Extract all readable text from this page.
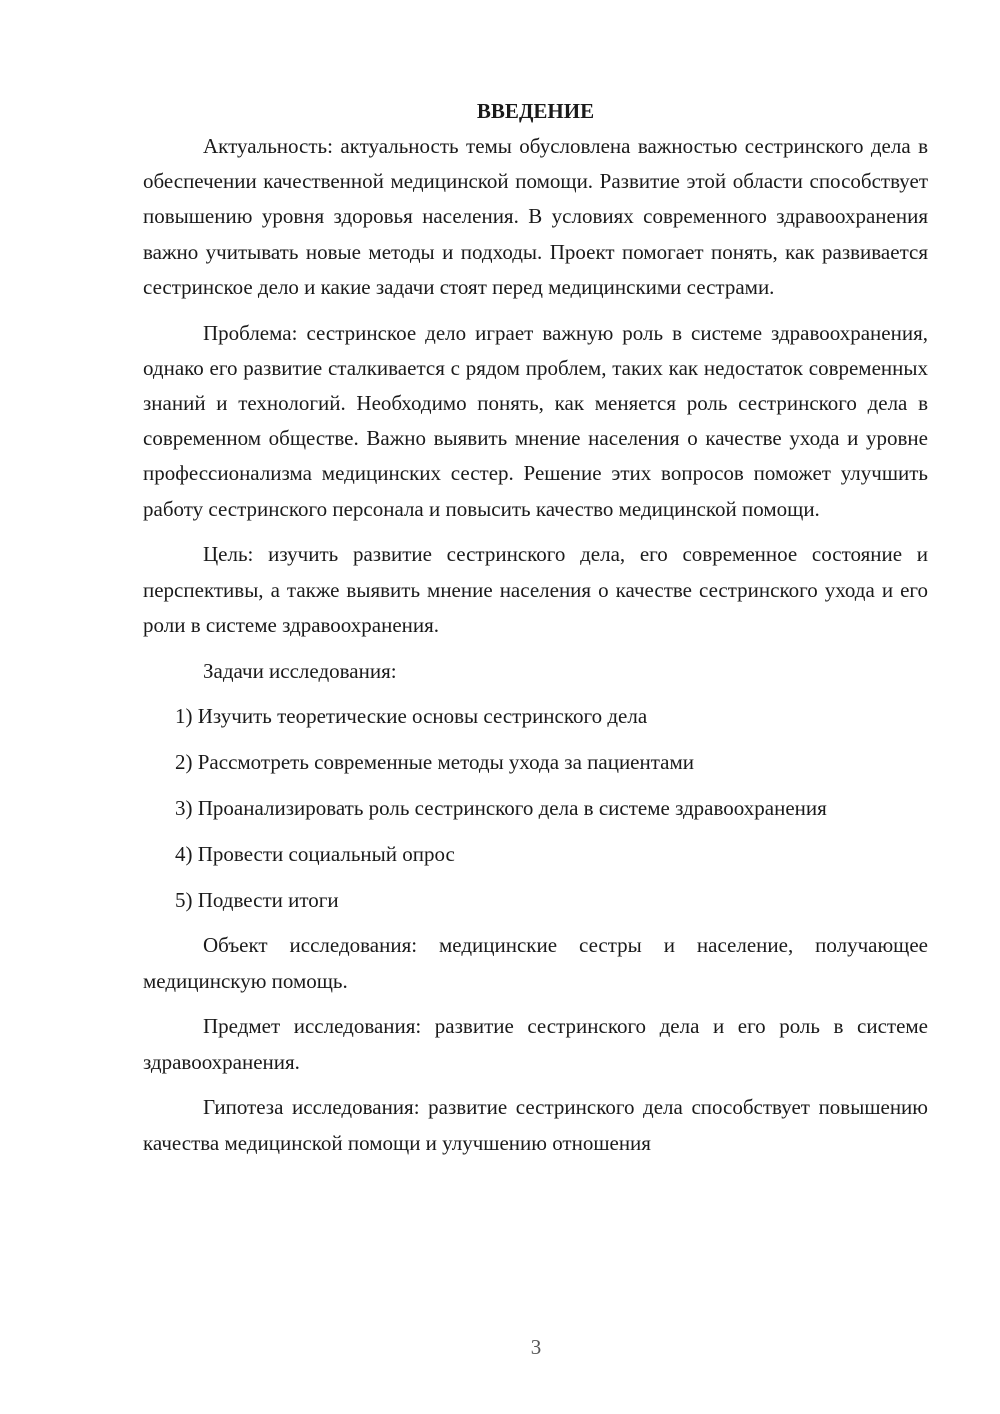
ВВЕДЕНИЕ

Актуальность: актуальность темы обусловлена важностью сестринского дела в обеспечении качественной медицинской помощи. Развитие этой области способствует повышению уровня здоровья населения. В условиях современного здравоохранения важно учитывать новые методы и подходы. Проект помогает понять, как развивается сестринское дело и какие задачи стоят перед медицинскими сестрами.

Проблема: сестринское дело играет важную роль в системе здравоохранения, однако его развитие сталкивается с рядом проблем, таких как недостаток современных знаний и технологий. Необходимо понять, как меняется роль сестринского дела в современном обществе. Важно выявить мнение населения о качестве ухода и уровне профессионализма медицинских сестер. Решение этих вопросов поможет улучшить работу сестринского персонала и повысить качество медицинской помощи.

Цель: изучить развитие сестринского дела, его современное состояние и перспективы, а также выявить мнение населения о качестве сестринского ухода и его роли в системе здравоохранения.

Задачи исследования:

1) Изучить теоретические основы сестринского дела

2) Рассмотреть современные методы ухода за пациентами

3) Проанализировать роль сестринского дела в системе здравоохранения

4) Провести социальный опрос

5) Подвести итоги

Объект исследования: медицинские сестры и население, получающее медицинскую помощь.

Предмет исследования: развитие сестринского дела и его роль в системе здравоохранения.

Гипотеза исследования: развитие сестринского дела способствует повышению качества медицинской помощи и улучшению отношения

3
